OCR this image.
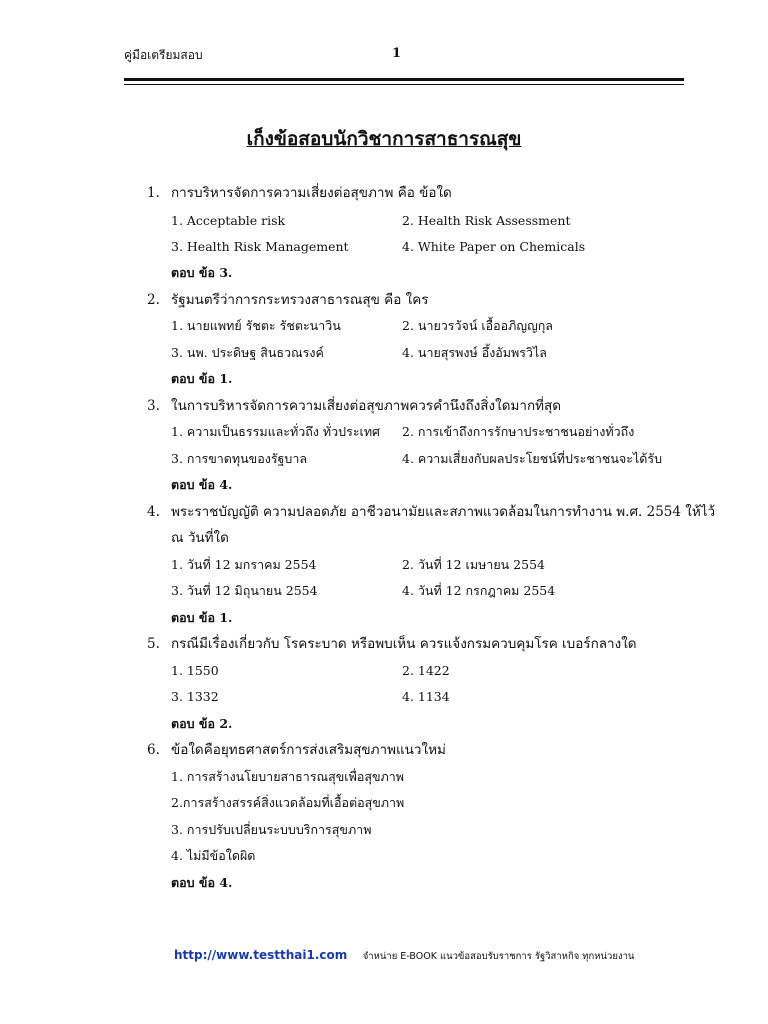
คู่มือเตรียมสอบ	1
เก็งข้อสอบนักวิชาการสาธารณสุข
1. การบริหารจัดการความเสี่ยงต่อสุขภาพ คือ ข้อใด
1. Acceptable risk	2. Health Risk Assessment
3. Health Risk Management	4. White Paper on Chemicals
ตอบ ข้อ 3.
2. รัฐมนตรีว่าการกระทรวงสาธารณสุข คือ ใคร
1. นายแพทย์ รัชตะ รัชตะนาวิน	2. นายวรวัจน์ เอื้ออภิญญกุล
3. นพ. ประดิษฐ สินธวณรงค์	4. นายสุรพงษ์ อึ้งอัมพรวิไล
ตอบ ข้อ 1.
3. ในการบริหารจัดการความเสี่ยงต่อสุขภาพควรคำนึงถึงสิ่งใดมากที่สุด
1. ความเป็นธรรมและทั่วถึง ทั่วประเทศ 2. การเข้าถึงการรักษาประชาชนอย่างทั่วถึง
3. การขาดทุนของรัฐบาล	4. ความเสี่ยงกับผลประโยชน์ที่ประชาชนจะได้รับ
ตอบ ข้อ 4.
4. พระราชบัญญัติ ความปลอดภัย อาชีวอนามัยและสภาพแวดล้อมในการทำงาน พ.ศ. 2554 ให้ไว้
ณ วันที่ใด
1. วันที่ 12 มกราคม 2554	2. วันที่ 12 เมษายน 2554
3. วันที่ 12 มิถุนายน 2554	4. วันที่ 12 กรกฎาคม 2554
ตอบ ข้อ 1.
5. กรณีมีเรื่องเกี่ยวกับ โรคระบาด หรือพบเห็น ควรแจ้งกรมควบคุมโรค เบอร์กลางใด
1. 1550	2. 1422
3. 1332	4. 1134
ตอบ ข้อ 2.
6. ข้อใดคือยุทธศาสตร์การส่งเสริมสุขภาพแนวใหม่
1. การสร้างนโยบายสาธารณสุขเพื่อสุขภาพ
2.การสร้างสรรค์สิ่งแวดล้อมที่เอื้อต่อสุขภาพ
3. การปรับเปลี่ยนระบบบริการสุขภาพ
4. ไม่มีข้อใดผิด
ตอบ ข้อ 4.
http://www.testthai1.com จำหน่าย E-BOOK แนวข้อสอบรับราชการ รัฐวิสาหกิจ ทุกหน่วยงาน
